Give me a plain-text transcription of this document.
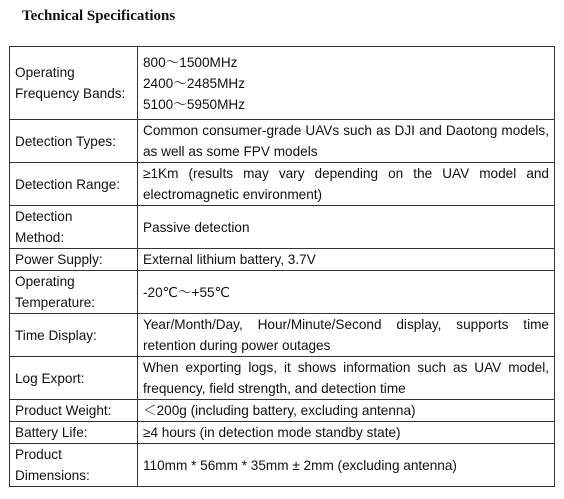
Technical Specifications
Operating
Frequency Bands:	800～1500MHz
2400～2485MHz
5100～5950MHz

Detection Types:	Common consumer-grade UAVs such as DJI and Daotong models, as well as some FPV models

Detection Range:	≥1Km (results may vary depending on the UAV model and electromagnetic environment)

Detection
Method:	Passive detection

Power Supply:	External lithium battery, 3.7V

Operating
Temperature:	-20℃～+55℃

Time Display:	Year/Month/Day, Hour/Minute/Second display, supports time retention during power outages

Log Export:	When exporting logs, it shows information such as UAV model, frequency, field strength, and detection time

Product Weight:	＜200g (including battery, excluding antenna)

Battery Life:	≥4 hours (in detection mode standby state)

Product
Dimensions:	110mm * 56mm * 35mm ± 2mm (excluding antenna)
